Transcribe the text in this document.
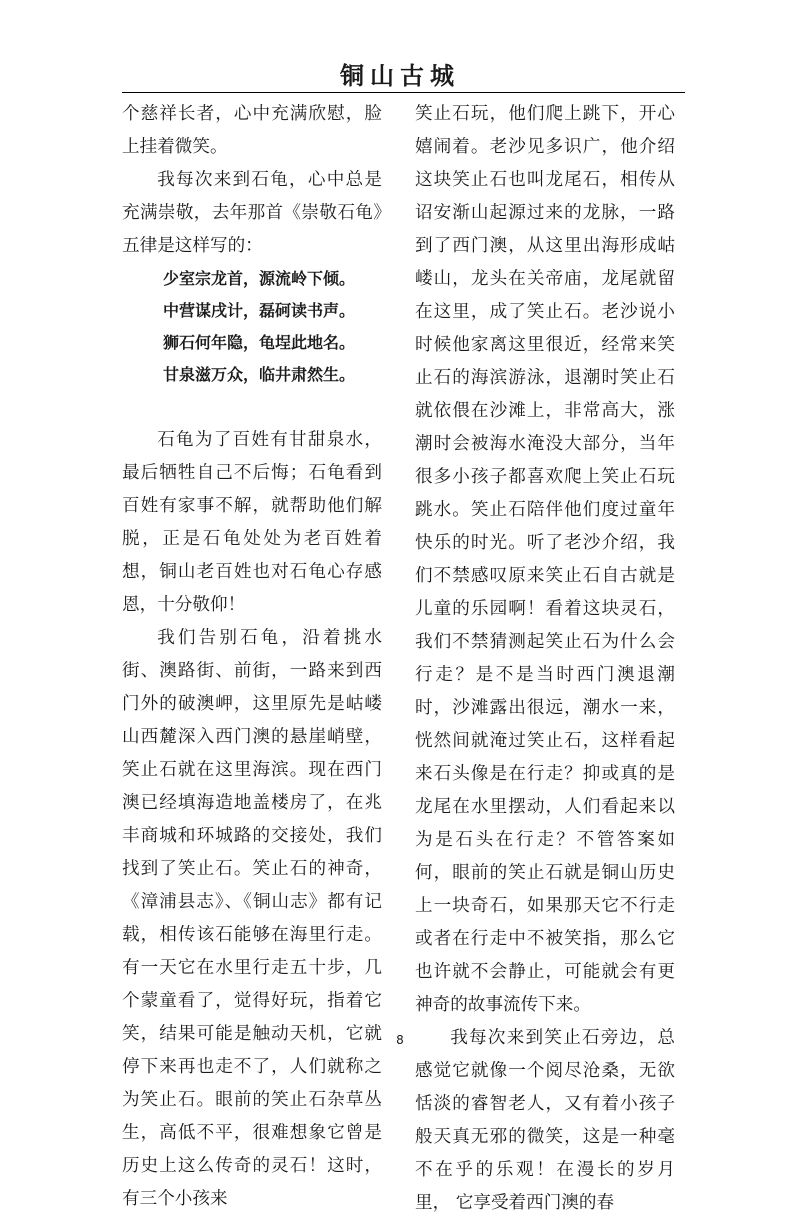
铜山古城

个慈祥长者，心中充满欣慰，脸上挂着微笑。

我每次来到石龟，心中总是充满崇敬，去年那首《崇敬石龟》五律是这样写的：

少室宗龙首，源流岭下倾。

中营谋戌计，磊砢读书声。

狮石何年隐，龟埕此地名。

甘泉滋万众，临井肃然生。

石龟为了百姓有甘甜泉水，最后牺牲自己不后悔；石龟看到百姓有家事不解，就帮助他们解脱，正是石龟处处为老百姓着想，铜山老百姓也对石龟心存感恩，十分敬仰！

我们告别石龟，沿着挑水街、澳路街、前街，一路来到西门外的破澳岬，这里原先是岵嵝山西麓深入西门澳的悬崖峭壁，笑止石就在这里海滨。现在西门澳已经填海造地盖楼房了，在兆丰商城和环城路的交接处，我们找到了笑止石。笑止石的神奇，《漳浦县志》、《铜山志》都有记载，相传该石能够在海里行走。有一天它在水里行走五十步，几个蒙童看了，觉得好玩，指着它笑，结果可能是触动天机，它就停下来再也走不了，人们就称之为笑止石。眼前的笑止石杂草丛生，高低不平，很难想象它曾是历史上这么传奇的灵石！这时，有三个小孩来

笑止石玩，他们爬上跳下，开心嬉闹着。老沙见多识广，他介绍这块笑止石也叫龙尾石，相传从诏安渐山起源过来的龙脉，一路到了西门澳，从这里出海形成岵嵝山，龙头在关帝庙，龙尾就留在这里，成了笑止石。老沙说小时候他家离这里很近，经常来笑止石的海滨游泳，退潮时笑止石就依偎在沙滩上，非常高大，涨潮时会被海水淹没大部分，当年很多小孩子都喜欢爬上笑止石玩跳水。笑止石陪伴他们度过童年快乐的时光。听了老沙介绍，我们不禁感叹原来笑止石自古就是儿童的乐园啊！看着这块灵石，我们不禁猜测起笑止石为什么会行走？是不是当时西门澳退潮时，沙滩露出很远，潮水一来，恍然间就淹过笑止石，这样看起来石头像是在行走？抑或真的是龙尾在水里摆动，人们看起来以为是石头在行走？不管答案如何，眼前的笑止石就是铜山历史上一块奇石，如果那天它不行走或者在行走中不被笑指，那么它也许就不会静止，可能就会有更神奇的故事流传下来。

我每次来到笑止石旁边，总感觉它就像一个阅尽沧桑，无欲恬淡的睿智老人，又有着小孩子般天真无邪的微笑，这是一种毫不在乎的乐观！在漫长的岁月里， 它享受着西门澳的春

8
